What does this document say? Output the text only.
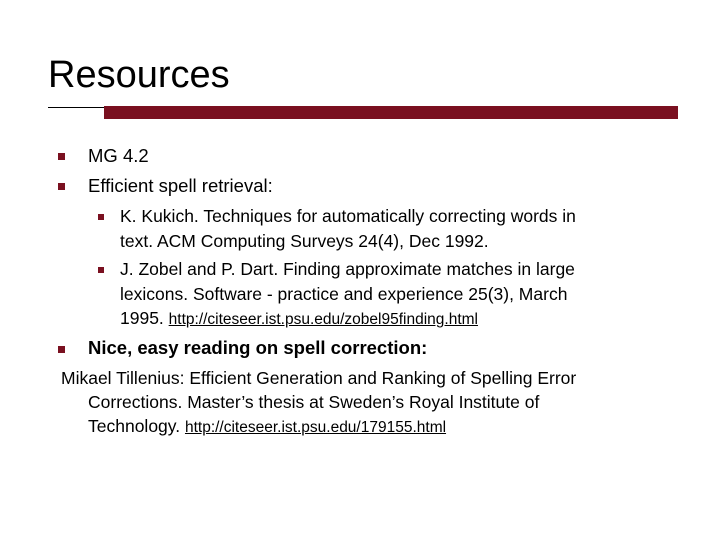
Resources
MG 4.2
Efficient spell retrieval:
K. Kukich. Techniques for automatically correcting words in
text. ACM Computing Surveys 24(4), Dec 1992.
J. Zobel and P. Dart. Finding approximate matches in large
lexicons. Software - practice and experience 25(3), March
1995. http://citeseer.ist.psu.edu/zobel95finding.html
Nice, easy reading on spell correction:
Mikael Tillenius: Efficient Generation and Ranking of Spelling Error
Corrections. Master’s thesis at Sweden’s Royal Institute of
Technology. http://citeseer.ist.psu.edu/179155.html
